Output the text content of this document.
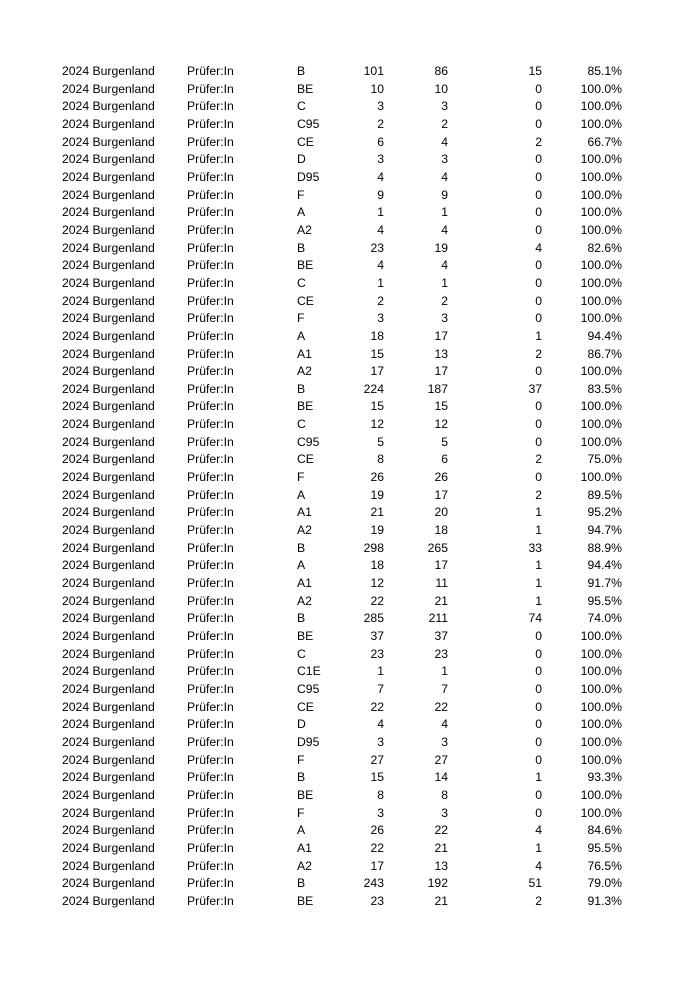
2024 Burgenland	Prüfer:In	B	101	86	15	85.1%
2024 Burgenland	Prüfer:In	BE	10	10	0	100.0%
2024 Burgenland	Prüfer:In	C	3	3	0	100.0%
2024 Burgenland	Prüfer:In	C95	2	2	0	100.0%
2024 Burgenland	Prüfer:In	CE	6	4	2	66.7%
2024 Burgenland	Prüfer:In	D	3	3	0	100.0%
2024 Burgenland	Prüfer:In	D95	4	4	0	100.0%
2024 Burgenland	Prüfer:In	F	9	9	0	100.0%
2024 Burgenland	Prüfer:In	A	1	1	0	100.0%
2024 Burgenland	Prüfer:In	A2	4	4	0	100.0%
2024 Burgenland	Prüfer:In	B	23	19	4	82.6%
2024 Burgenland	Prüfer:In	BE	4	4	0	100.0%
2024 Burgenland	Prüfer:In	C	1	1	0	100.0%
2024 Burgenland	Prüfer:In	CE	2	2	0	100.0%
2024 Burgenland	Prüfer:In	F	3	3	0	100.0%
2024 Burgenland	Prüfer:In	A	18	17	1	94.4%
2024 Burgenland	Prüfer:In	A1	15	13	2	86.7%
2024 Burgenland	Prüfer:In	A2	17	17	0	100.0%
2024 Burgenland	Prüfer:In	B	224	187	37	83.5%
2024 Burgenland	Prüfer:In	BE	15	15	0	100.0%
2024 Burgenland	Prüfer:In	C	12	12	0	100.0%
2024 Burgenland	Prüfer:In	C95	5	5	0	100.0%
2024 Burgenland	Prüfer:In	CE	8	6	2	75.0%
2024 Burgenland	Prüfer:In	F	26	26	0	100.0%
2024 Burgenland	Prüfer:In	A	19	17	2	89.5%
2024 Burgenland	Prüfer:In	A1	21	20	1	95.2%
2024 Burgenland	Prüfer:In	A2	19	18	1	94.7%
2024 Burgenland	Prüfer:In	B	298	265	33	88.9%
2024 Burgenland	Prüfer:In	A	18	17	1	94.4%
2024 Burgenland	Prüfer:In	A1	12	11	1	91.7%
2024 Burgenland	Prüfer:In	A2	22	21	1	95.5%
2024 Burgenland	Prüfer:In	B	285	211	74	74.0%
2024 Burgenland	Prüfer:In	BE	37	37	0	100.0%
2024 Burgenland	Prüfer:In	C	23	23	0	100.0%
2024 Burgenland	Prüfer:In	C1E	1	1	0	100.0%
2024 Burgenland	Prüfer:In	C95	7	7	0	100.0%
2024 Burgenland	Prüfer:In	CE	22	22	0	100.0%
2024 Burgenland	Prüfer:In	D	4	4	0	100.0%
2024 Burgenland	Prüfer:In	D95	3	3	0	100.0%
2024 Burgenland	Prüfer:In	F	27	27	0	100.0%
2024 Burgenland	Prüfer:In	B	15	14	1	93.3%
2024 Burgenland	Prüfer:In	BE	8	8	0	100.0%
2024 Burgenland	Prüfer:In	F	3	3	0	100.0%
2024 Burgenland	Prüfer:In	A	26	22	4	84.6%
2024 Burgenland	Prüfer:In	A1	22	21	1	95.5%
2024 Burgenland	Prüfer:In	A2	17	13	4	76.5%
2024 Burgenland	Prüfer:In	B	243	192	51	79.0%
2024 Burgenland	Prüfer:In	BE	23	21	2	91.3%
